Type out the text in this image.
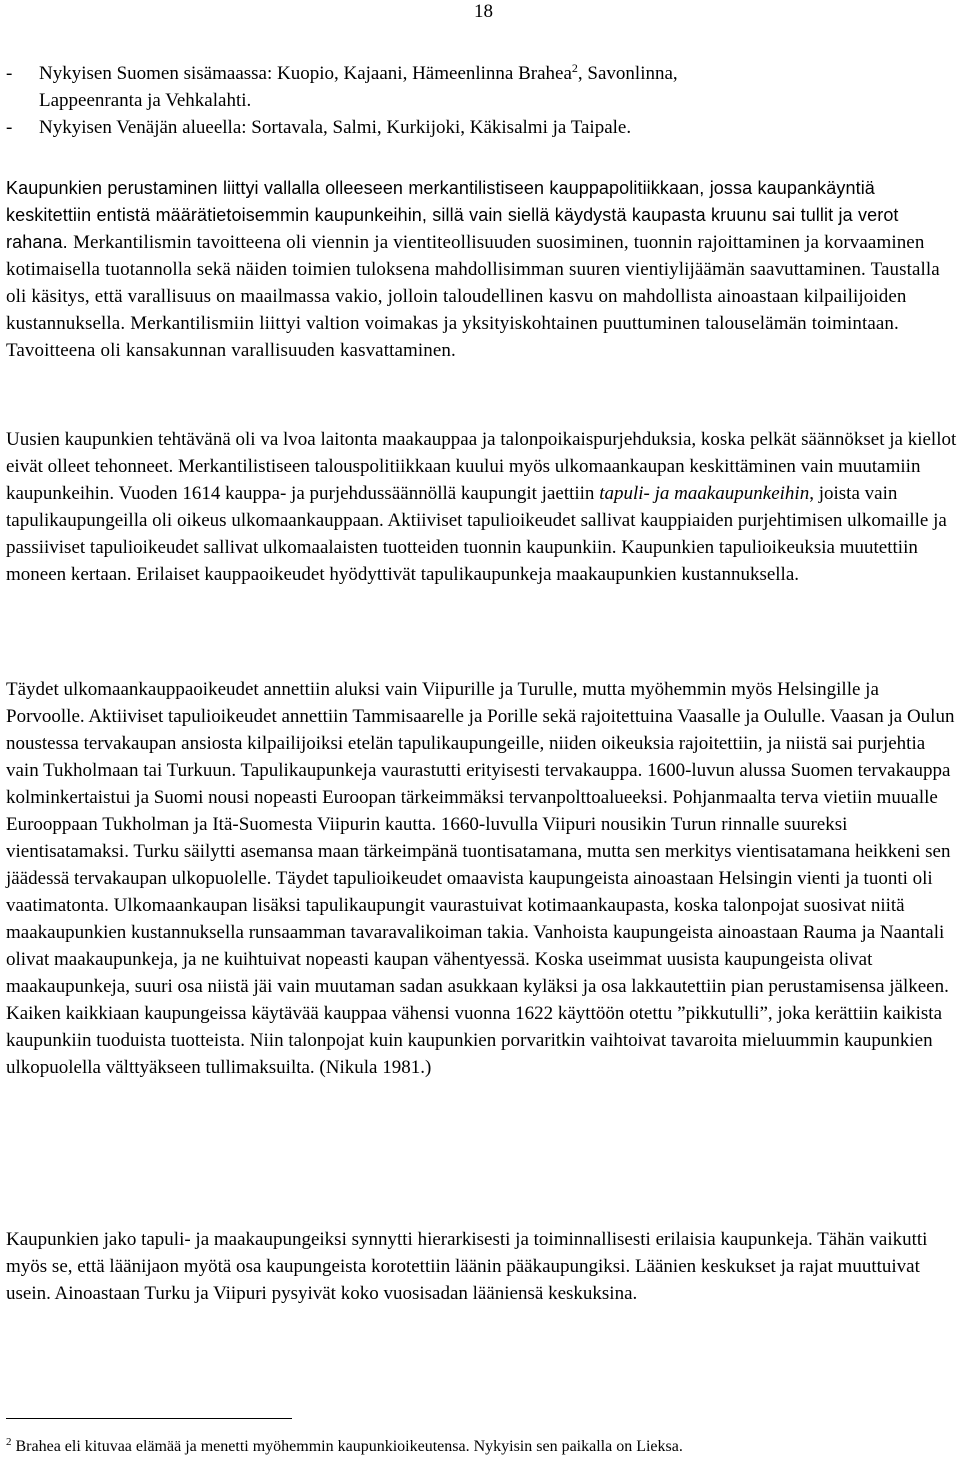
18
- Nykyisen Suomen sisämaassa: Kuopio, Kajaani, Hämeenlinna Brahea$^2$, Savonlinna,
Lappeenranta ja Vehkalahti.
- Nykyisen Venäjän alueella: Sortavala, Salmi, Kurkijoki, Käkisalmi ja Taipale.

Kaupunkien perustaminen liittyi vallalla olleeseen merkantilistiseen kauppapolitiikkaan, jossa kaupankäyntiä keskitettiin entistä määrätietoisemmin kaupunkeihin, sillä vain siellä käydystä kaupasta kruunu sai tullit ja verot rahana. Merkantilismin tavoitteena oli viennin ja vientiteollisuuden suosiminen, tuonnin rajoittaminen ja korvaaminen kotimaisella tuotannolla sekä näiden toimien tuloksena mahdollisimman suuren vientiylijäämän saavuttaminen. Taustalla oli käsitys, että varallisuus on maailmassa vakio, jolloin taloudellinen kasvu on mahdollista ainoastaan kilpailijoiden kustannuksella. Merkantilismiin liittyi valtion voimakas ja yksityiskohtainen puuttuminen talouselämän toimintaan. Tavoitteena oli kansakunnan varallisuuden kasvattaminen.

Uusien kaupunkien tehtävänä oli va lvoa laitonta maakauppaa ja talonpoikaispurjehduksia, koska pelkät säännökset ja kiellot eivät olleet tehonneet. Merkantilistiseen talouspolitiikkaan kuului myös ulkomaankaupan keskittäminen vain muutamiin kaupunkeihin. Vuoden 1614 kauppa- ja purjehdussäännöllä kaupungit jaettiin tapuli- ja maakaupunkeihin, joista vain tapulikaupungeilla oli oikeus ulkomaankauppaan. Aktiiviset tapulioikeudet sallivat kauppiaiden purjehtimisen ulkomaille ja passiiviset tapulioikeudet sallivat ulkomaalaisten tuotteiden tuonnin kaupunkiin. Kaupunkien tapulioikeuksia muutettiin moneen kertaan. Erilaiset kauppaoikeudet hyödyttivät tapulikaupunkeja maakaupunkien kustannuksella.

Täydet ulkomaankauppaoikeudet annettiin aluksi vain Viipurille ja Turulle, mutta myöhemmin myös Helsingille ja Porvoolle. Aktiiviset tapulioikeudet annettiin Tammisaarelle ja Porille sekä rajoitettuina Vaasalle ja Oululle. Vaasan ja Oulun noustessa tervakaupan ansiosta kilpailijoiksi etelän tapulikaupungeille, niiden oikeuksia rajoitettiin, ja niistä sai purjehtia vain Tukholmaan tai Turkuun. Tapulikaupunkeja vaurastutti erityisesti tervakauppa. 1600-luvun alussa Suomen tervakauppa kolminkertaistui ja Suomi nousi nopeasti Euroopan tärkeimmäksi tervanpolttoalueeksi. Pohjanmaalta terva vietiin muualle Eurooppaan Tukholman ja Itä-Suomesta Viipurin kautta. 1660-luvulla Viipuri nousikin Turun rinnalle suureksi vientisatamaksi. Turku säilytti asemansa maan tärkeimpänä tuontisatamana, mutta sen merkitys vientisatamana heikkeni sen jäädessä tervakaupan ulkopuolelle. Täydet tapulioikeudet omaavista kaupungeista ainoastaan Helsingin vienti ja tuonti oli vaatimatonta. Ulkomaankaupan lisäksi tapulikaupungit vaurastuivat kotimaankaupasta, koska talonpojat suosivat niitä maakaupunkien kustannuksella runsaamman tavaravalikoiman takia. Vanhoista kaupungeista ainoastaan Rauma ja Naantali olivat maakaupunkeja, ja ne kuihtuivat nopeasti kaupan vähentyessä. Koska useimmat uusista kaupungeista olivat maakaupunkeja, suuri osa niistä jäi vain muutaman sadan asukkaan kyläksi ja osa lakkautettiin pian perustamisensa jälkeen. Kaiken kaikkiaan kaupungeissa käytävää kauppaa vähensi vuonna 1622 käyttöön otettu ”pikkutulli”, joka kerättiin kaikista kaupunkiin tuoduista tuotteista. Niin talonpojat kuin kaupunkien porvaritkin vaihtoivat tavaroita mieluummin kaupunkien ulkopuolella välttyäkseen tullimaksuilta. (Nikula 1981.)

Kaupunkien jako tapuli- ja maakaupungeiksi synnytti hierarkisesti ja toiminnallisesti erilaisia kaupunkeja. Tähän vaikutti myös se, että läänijaon myötä osa kaupungeista korotettiin läänin pääkaupungiksi. Läänien keskukset ja rajat muuttuivat usein. Ainoastaan Turku ja Viipuri pysyivät koko vuosisadan lääniensä keskuksina.

$^2$ Brahea eli kituvaa elämää ja menetti myöhemmin kaupunkioikeutensa. Nykyisin sen paikalla on Lieksa.
